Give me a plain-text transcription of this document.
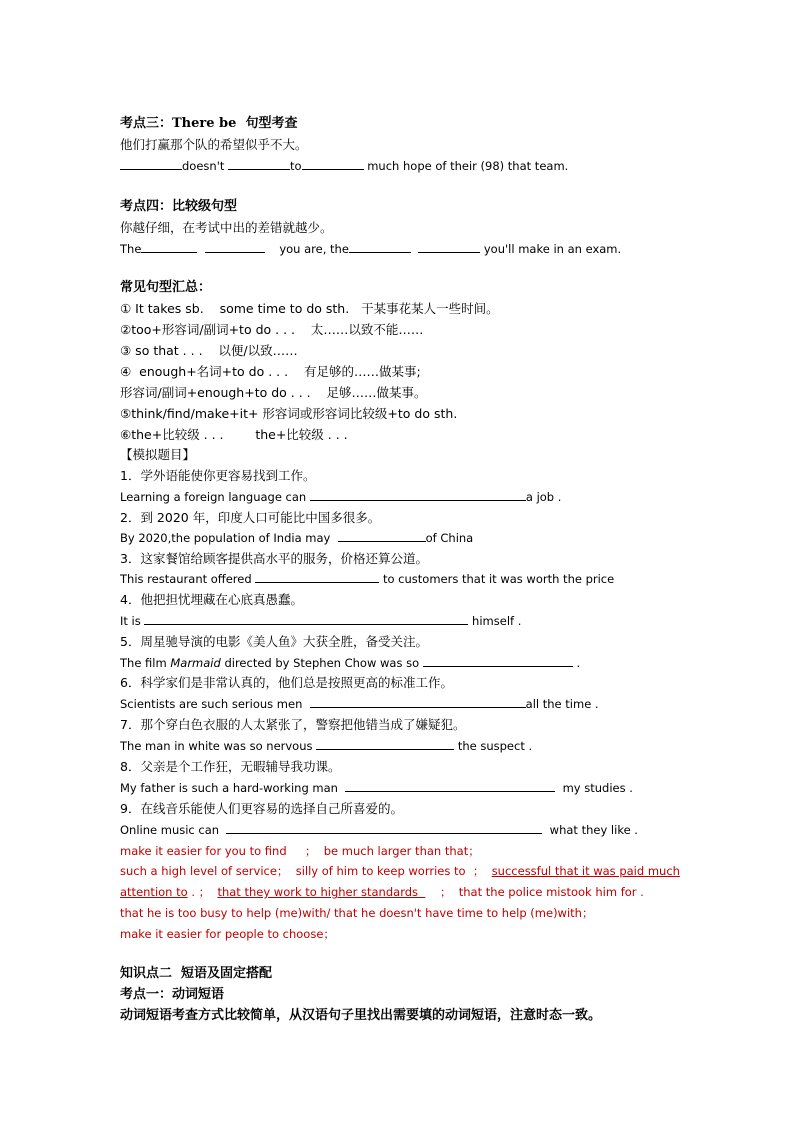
考点三：There be  句型考查
他们打赢那个队的希望似乎不大。
doesn't	to	much hope of their (98) that team.
考点四：比较级句型
你越仔细，在考试中出的差错就越少。
The	you are, the	you'll make in an exam.
常见句型汇总：
① It takes sb.    some time to do sth.   干某事花某人一些时间。
②too+形容词/副词+to do . . .    太……以致不能……
③ so that . . .    以便/以致……
④  enough+名词+to do . . .    有足够的……做某事;
形容词/副词+enough+to do . . .    足够……做某事。
⑤think/find/make+it+ 形容词或形容词比较级+to do sth.
⑥the+比较级 . . .        the+比较级 . . .
【模拟题目】
1．学外语能使你更容易找到工作。
Learning a foreign language can	a job .
2．到 2020 年，印度人口可能比中国多很多。
By 2020,the population of India may	of China
3．这家餐馆给顾客提供高水平的服务，价格还算公道。
This restaurant offered	to customers that it was worth the price
4．他把担忧埋藏在心底真愚蠢。
It is	himself .
5．周星驰导演的电影《美人鱼》大获全胜，备受关注。
The film Marmaid directed by Stephen Chow was so	.
6．科学家们是非常认真的，他们总是按照更高的标准工作。
Scientists are such serious men	all the time .
7．那个穿白色衣服的人太紧张了，警察把他错当成了嫌疑犯。
The man in white was so nervous	the suspect .
8．父亲是个工作狂，无暇辅导我功课。
My father is such a hard-working man	my studies .
9．在线音乐能使人们更容易的选择自己所喜爱的。
Online music can	what they like .
make it easier for you to find     ；  be much larger than that；
such a high level of service；  silly of him to keep worries to  ；  successful that it was paid much
attention to . ；  that they work to higher standards      ；  that the police mistook him for .
that he is too busy to help (me)with/ that he doesn't have time to help (me)with；
make it easier for people to choose；
知识点二  短语及固定搭配
考点一：动词短语
动词短语考查方式比较简单，从汉语句子里找出需要填的动词短语，注意时态一致。
